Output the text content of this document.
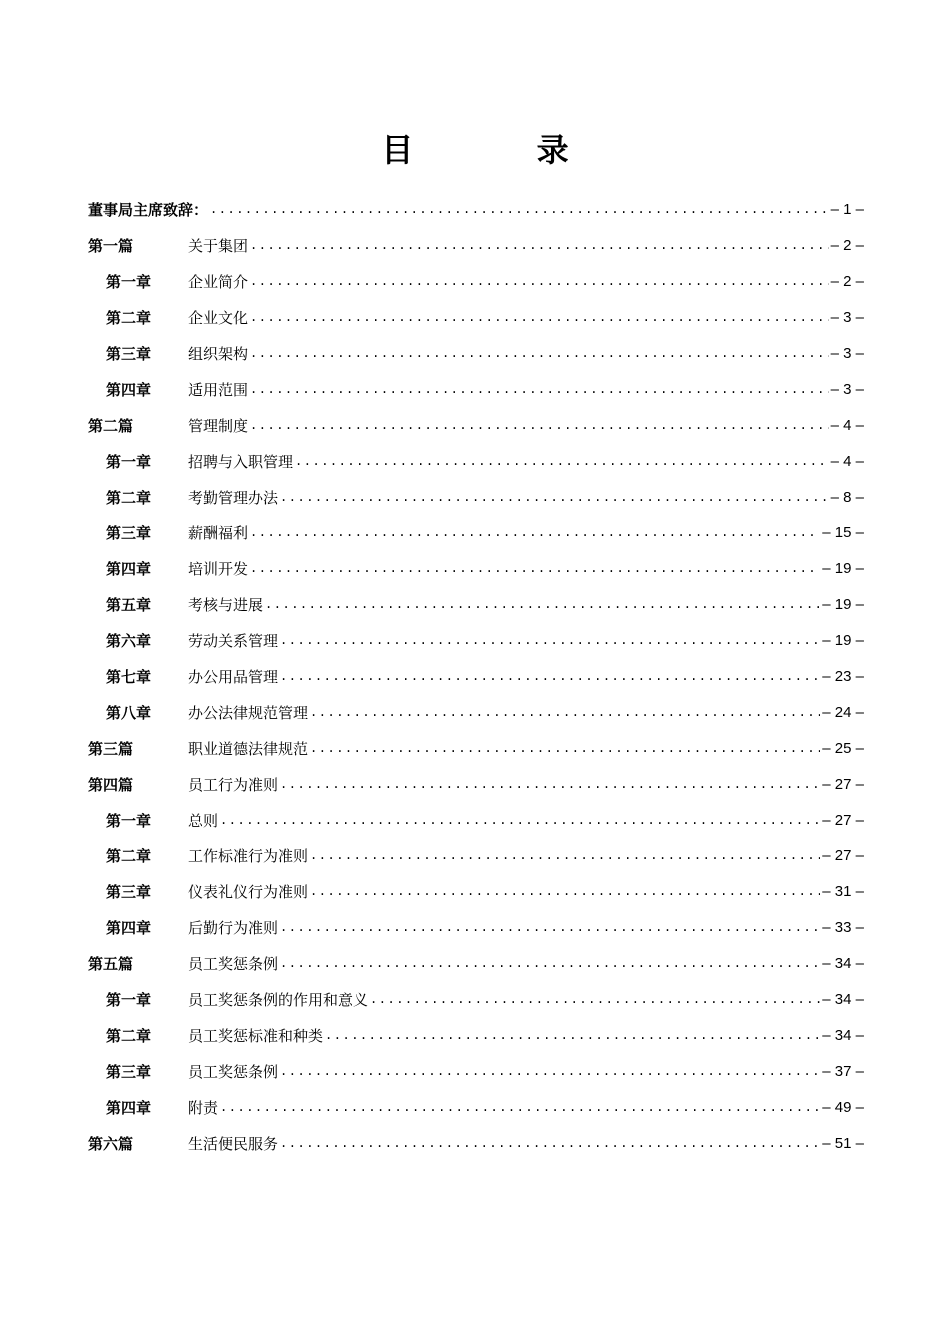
目 录
董事局主席致辞： .....	– 1 –
第一篇	关于集团 .....	– 2 –
第一章	企业简介 .....	– 2 –
第二章	企业文化 .....	– 3 –
第三章	组织架构 .....	– 3 –
第四章	适用范围 .....	– 3 –
第二篇	管理制度 .....	– 4 –
第一章	招聘与入职管理 .....	– 4 –
第二章	考勤管理办法 .....	– 8 –
第三章	薪酬福利 .....	– 15 –
第四章	培训开发 .....	– 19 –
第五章	考核与进展 .....	– 19 –
第六章	劳动关系管理 .....	– 19 –
第七章	办公用品管理 .....	– 23 –
第八章	办公法律规范管理 .....	– 24 –
第三篇	职业道德法律规范 .....	– 25 –
第四篇	员工行为准则 .....	– 27 –
第一章	总则 .....	– 27 –
第二章	工作标准行为准则 .....	– 27 –
第三章	仪表礼仪行为准则 .....	– 31 –
第四章	后勤行为准则 .....	– 33 –
第五篇	员工奖惩条例 .....	– 34 –
第一章	员工奖惩条例的作用和意义 .....	– 34 –
第二章	员工奖惩标准和种类 .....	– 34 –
第三章	员工奖惩条例 .....	– 37 –
第四章	附责 .....	– 49 –
第六篇	生活便民服务 .....	– 51 –
